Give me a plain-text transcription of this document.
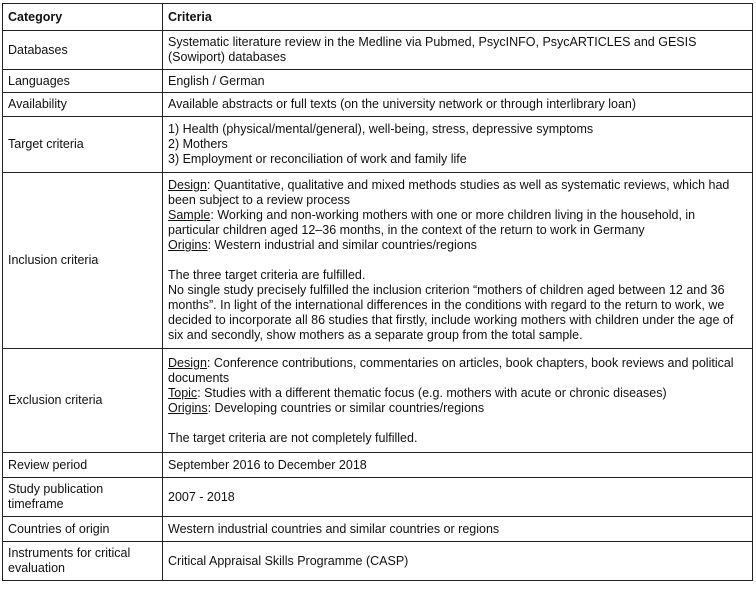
Category	Criteria
Databases	Systematic literature review in the Medline via Pubmed, PsycINFO, PsycARTICLES and GESIS (Sowiport) databases
Languages	English / German
Availability	Available abstracts or full texts (on the university network or through interlibrary loan)
Target criteria	1) Health (physical/mental/general), well-being, stress, depressive symptoms
2) Mothers
3) Employment or reconciliation of work and family life

Inclusion criteria	Design: Quantitative, qualitative and mixed methods studies as well as systematic reviews, which had been subject to a review process
Sample: Working and non-working mothers with one or more children living in the household, in particular children aged 12–36 months, in the context of the return to work in Germany
Origins: Western industrial and similar countries/regions
The three target criteria are fulfilled.
No single study precisely fulfilled the inclusion criterion “mothers of children aged between 12 and 36 months”. In light of the international differences in the conditions with regard to the return to work, we decided to incorporate all 86 studies that firstly, include working mothers with children under the age of six and secondly, show mothers as a separate group from the total sample.

Exclusion criteria	Design: Conference contributions, commentaries on articles, book chapters, book reviews and political documents
Topic: Studies with a different thematic focus (e.g. mothers with acute or chronic diseases)
Origins: Developing countries or similar countries/regions
The target criteria are not completely fulfilled.

Review period	September 2016 to December 2018
Study publication timeframe	2007 - 2018
Countries of origin	Western industrial countries and similar countries or regions
Instruments for critical evaluation	Critical Appraisal Skills Programme (CASP)
